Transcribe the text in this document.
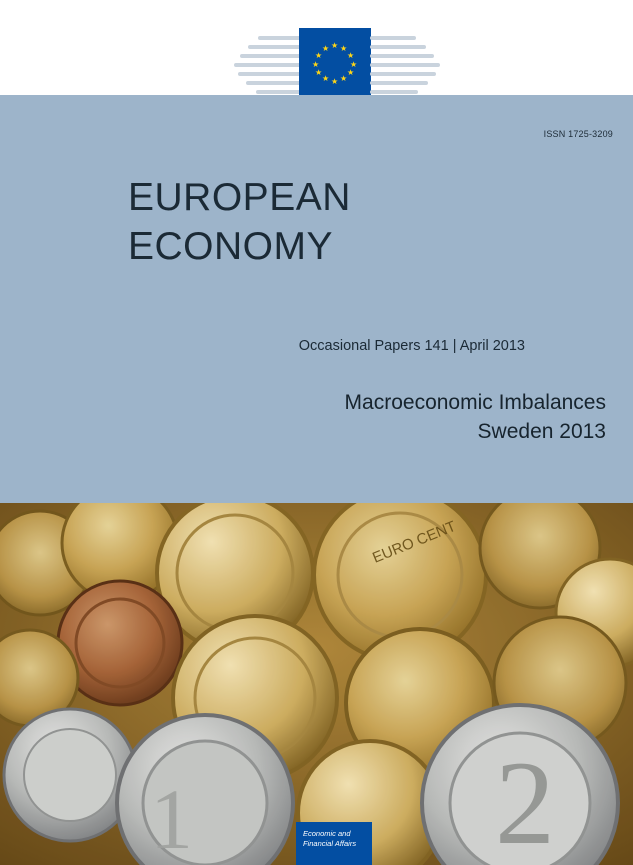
★
★ ★
★	★
★	★
★	★
★ ★
★
ISSN 1725-3209
EUROPEAN
ECONOMY
Occasional Papers 141 | April 2013
Macroeconomic Imbalances
Sweden 2013
2
1
EURO CENT
Economic and
Financial Affairs
